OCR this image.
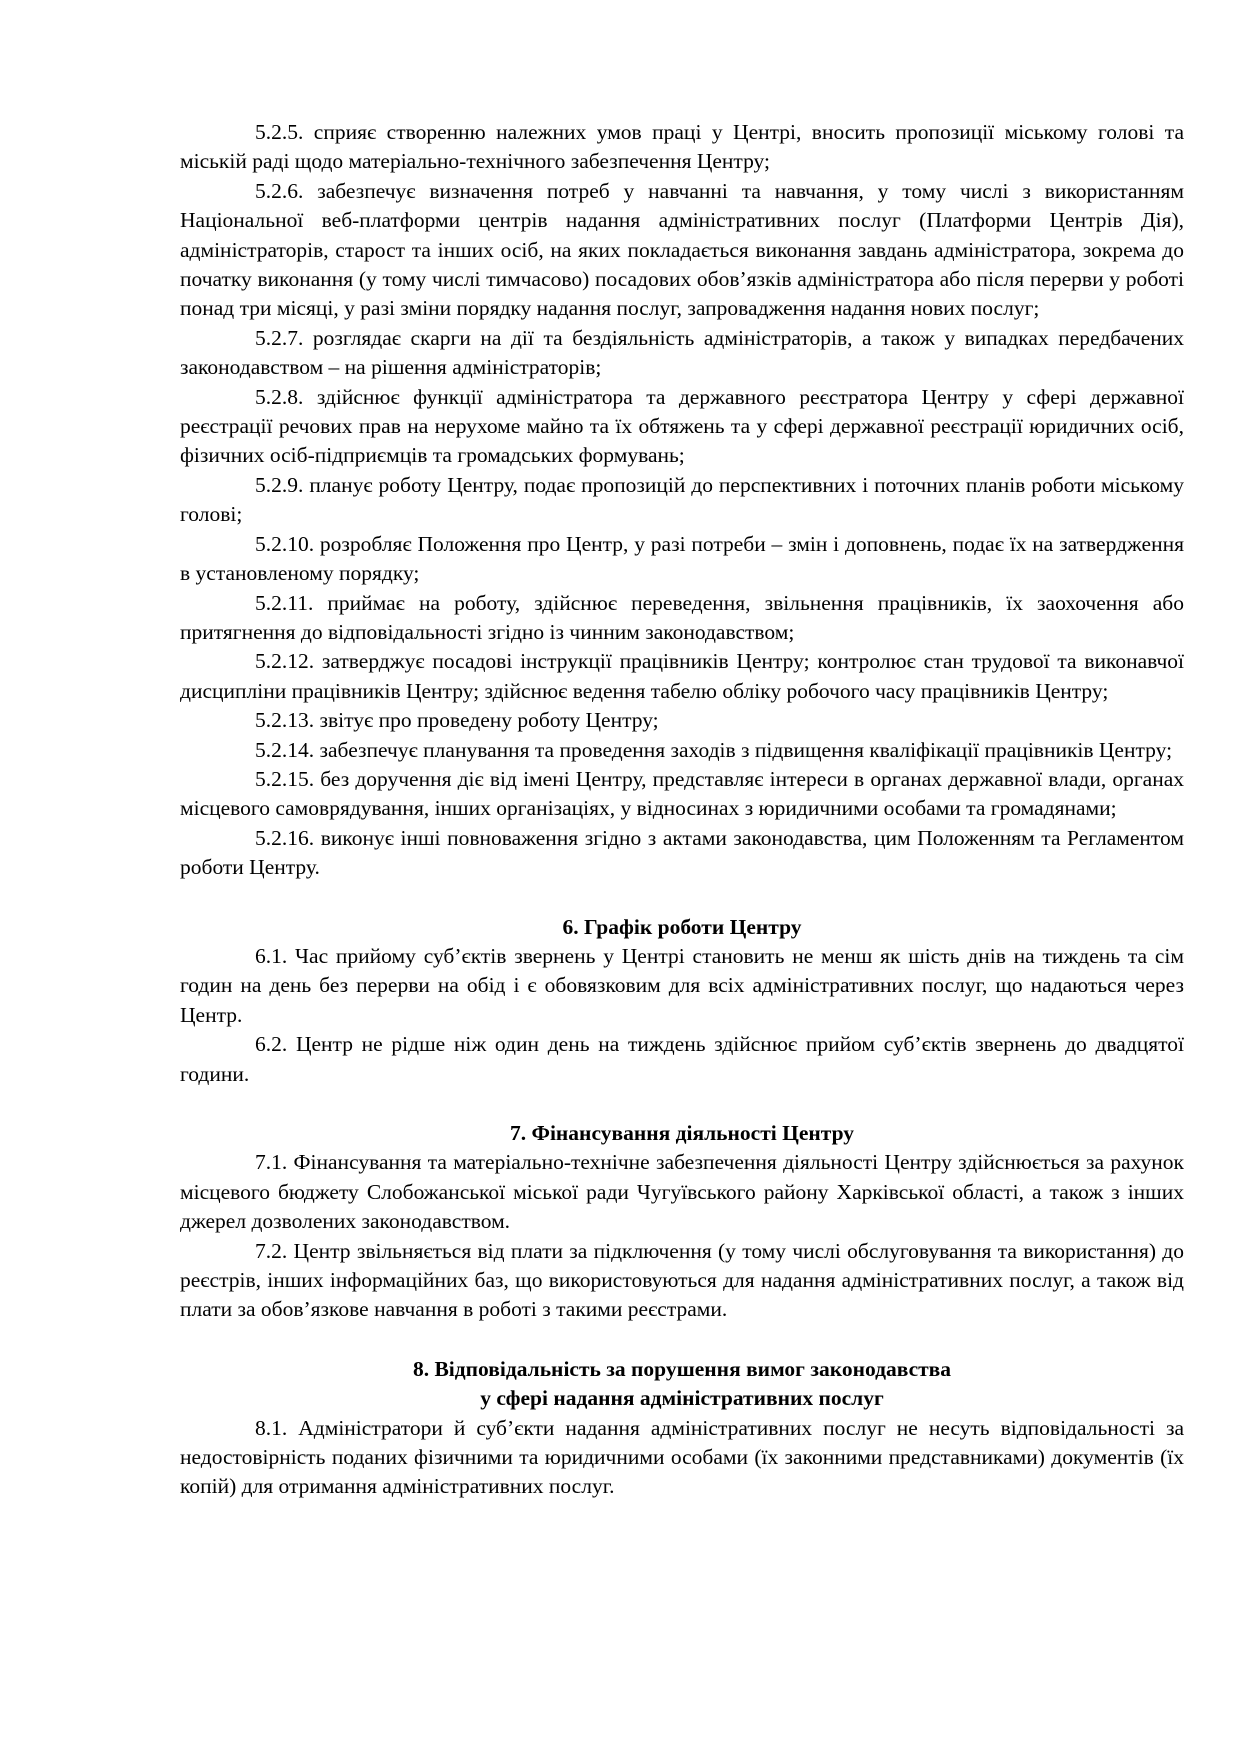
5.2.5. сприяє створенню належних умов праці у Центрі, вносить пропозиції міському голові та міській раді щодо матеріально-технічного забезпечення Центру;

5.2.6. забезпечує визначення потреб у навчанні та навчання, у тому числі з використанням Національної веб-платформи центрів надання адміністративних послуг (Платформи Центрів Дія), адміністраторів, старост та інших осіб, на яких покладається виконання завдань адміністратора, зокрема до початку виконання (у тому числі тимчасово) посадових обов’язків адміністратора або після перерви у роботі понад три місяці, у разі зміни порядку надання послуг, запровадження надання нових послуг;

5.2.7. розглядає скарги на дії та бездіяльність адміністраторів, а також у випадках передбачених законодавством – на рішення адміністраторів;

5.2.8. здійснює функції адміністратора та державного реєстратора Центру у сфері державної реєстрації речових прав на нерухоме майно та їх обтяжень та у сфері державної реєстрації юридичних осіб, фізичних осіб-підприємців та громадських формувань;

5.2.9. планує роботу Центру, подає пропозицій до перспективних і поточних планів роботи міському голові;

5.2.10. розробляє Положення про Центр, у разі потреби – змін і доповнень, подає їх на затвердження в установленому порядку;

5.2.11. приймає на роботу, здійснює переведення, звільнення працівників, їх заохочення або притягнення до відповідальності згідно із чинним законодавством;

5.2.12. затверджує посадові інструкції працівників Центру; контролює стан трудової та виконавчої дисципліни працівників Центру; здійснює ведення табелю обліку робочого часу працівників Центру;

5.2.13. звітує про проведену роботу Центру;

5.2.14. забезпечує планування та проведення заходів з підвищення кваліфікації працівників Центру;

5.2.15. без доручення діє від імені Центру, представляє інтереси в органах державної влади, органах місцевого самоврядування, інших організаціях, у відносинах з юридичними особами та громадянами;

5.2.16. виконує інші повноваження згідно з актами законодавства, цим Положенням та Регламентом роботи Центру.

6. Графік роботи Центру

6.1. Час прийому суб’єктів звернень у Центрі становить не менш як шість днів на тиждень та сім годин на день без перерви на обід і є обовязковим для всіх адміністративних послуг, що надаються через Центр.

6.2. Центр не рідше ніж один день на тиждень здійснює прийом суб’єктів звернень до двадцятої години.

7. Фінансування діяльності Центру

7.1. Фінансування та матеріально-технічне забезпечення діяльності Центру здійснюється за рахунок місцевого бюджету Слобожанської міської ради Чугуївського району Харківської області, а також з інших джерел дозволених законодавством.

7.2. Центр звільняється від плати за підключення (у тому числі обслуговування та використання) до реєстрів, інших інформаційних баз, що використовуються для надання адміністративних послуг, а також від плати за обов’язкове навчання в роботі з такими реєстрами.

8. Відповідальність за порушення вимог законодавства

у сфері надання адміністративних послуг

8.1. Адміністратори й суб’єкти надання адміністративних послуг не несуть відповідальності за недостовірність поданих фізичними та юридичними особами (їх законними представниками) документів (їх копій) для отримання адміністративних послуг.
